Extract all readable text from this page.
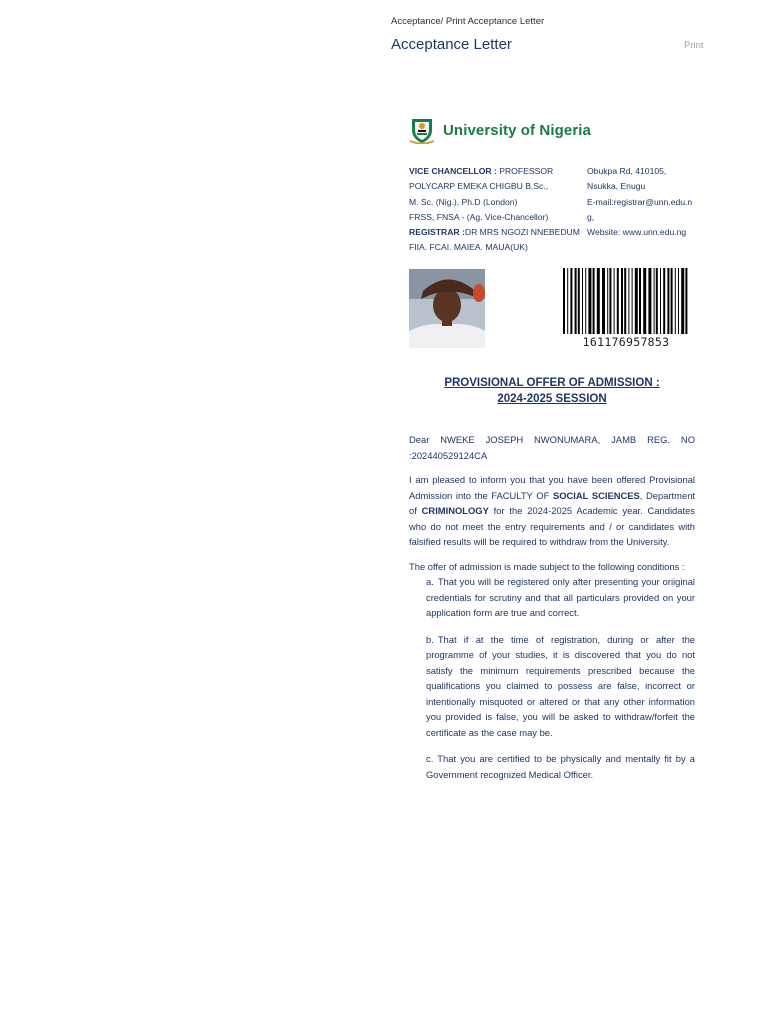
Acceptance/ Print Acceptance Letter
Acceptance Letter	Print
University of Nigeria
VICE CHANCELLOR : PROFESSOR POLYCARP EMEKA CHIGBU B.Sc.,
M. Sc. (Nig.), Ph.D (London)
FRSS, FNSA - (Ag. Vice-Chancellor)
REGISTRAR :DR MRS NGOZI NNEBEDUM FIIA. FCAI. MAIEA. MAUA(UK)
Obukpa Rd, 410105,
Nsukka, Enugu
E-mail:registrar@unn.edu.ng,
Website: www.unn.edu.ng
161176957853
PROVISIONAL OFFER OF ADMISSION :
2024-2025 SESSION

Dear NWEKE JOSEPH NWONUMARA, JAMB REG. NO :202440529124CA

I am pleased to inform you that you have been offered Provisional Admission into the FACULTY OF SOCIAL SCIENCES, Department of CRIMINOLOGY for the 2024-2025 Academic year. Candidates who do not meet the entry requirements and / or candidates with falsified results will be required to withdraw from the University.

The offer of admission is made subject to the following conditions :

a. That you will be registered only after presenting your oriiginal credentials for scrutiny and that all particulars provided on your application form are true and correct.
b. That if at the time of registration, during or after the programme of your studies, it is discovered that you do not satisfy the minimum requirements prescribed because the qualifications you claimed to possess are false, incorrect or intentionally misquoted or altered or that any other information you provided is false, you will be asked to withdraw/forfeit the certificate as the case may be.
c. That you are certified to be physically and mentally fit by a Government recognized Medical Officer.
